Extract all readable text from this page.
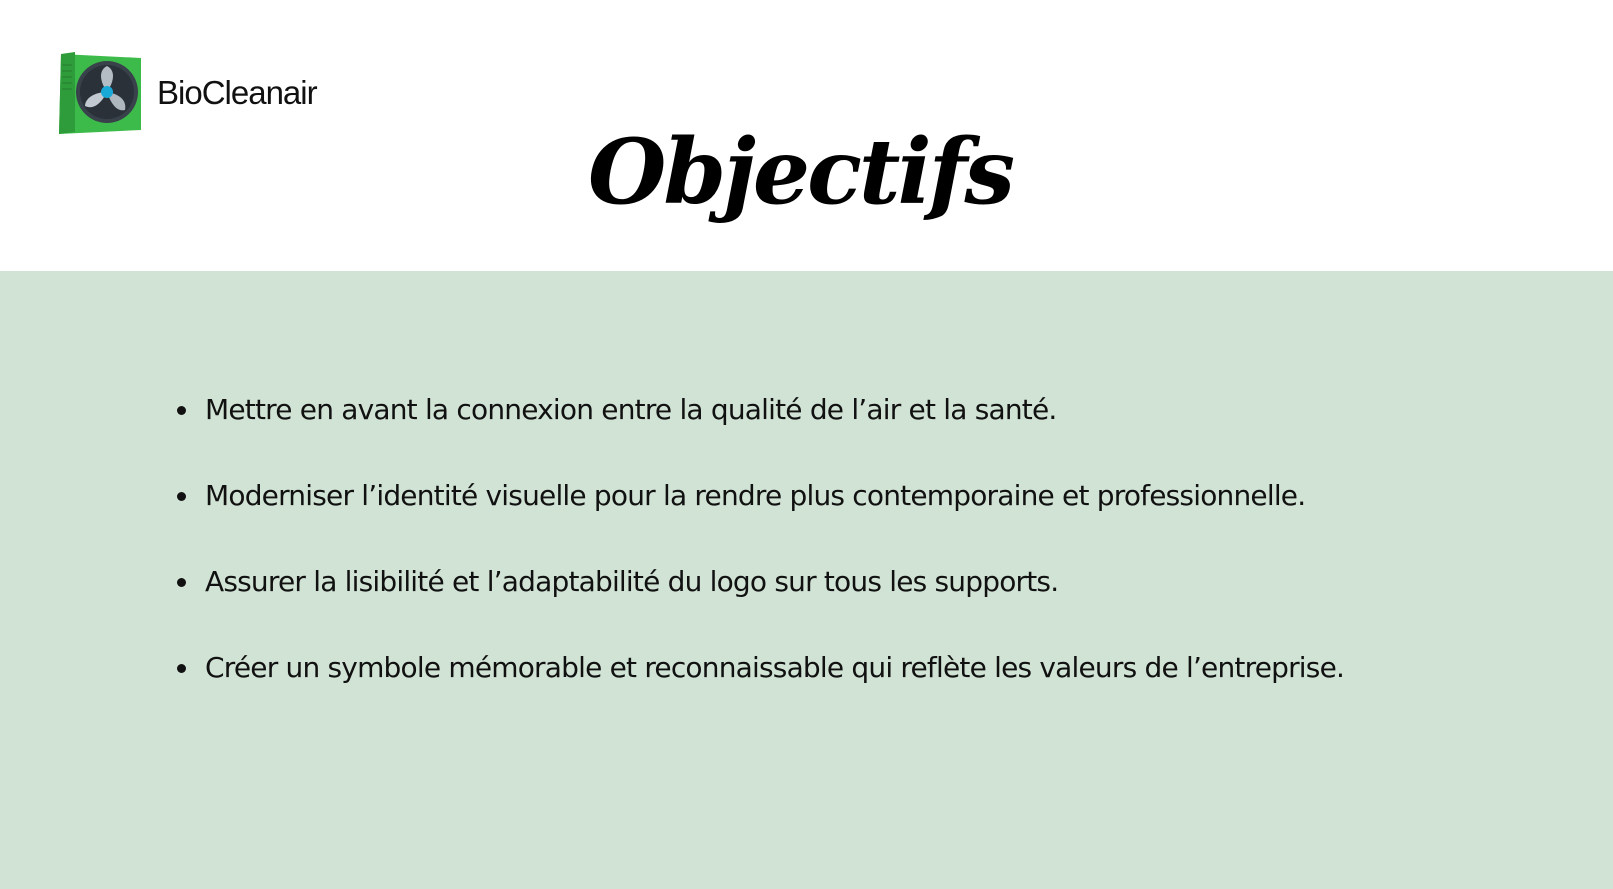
BioCleanair
Objectifs
Mettre en avant la connexion entre la qualité de l’air et la santé.
Moderniser l’identité visuelle pour la rendre plus contemporaine et professionnelle.
Assurer la lisibilité et l’adaptabilité du logo sur tous les supports.
Créer un symbole mémorable et reconnaissable qui reflète les valeurs de l’entreprise.
